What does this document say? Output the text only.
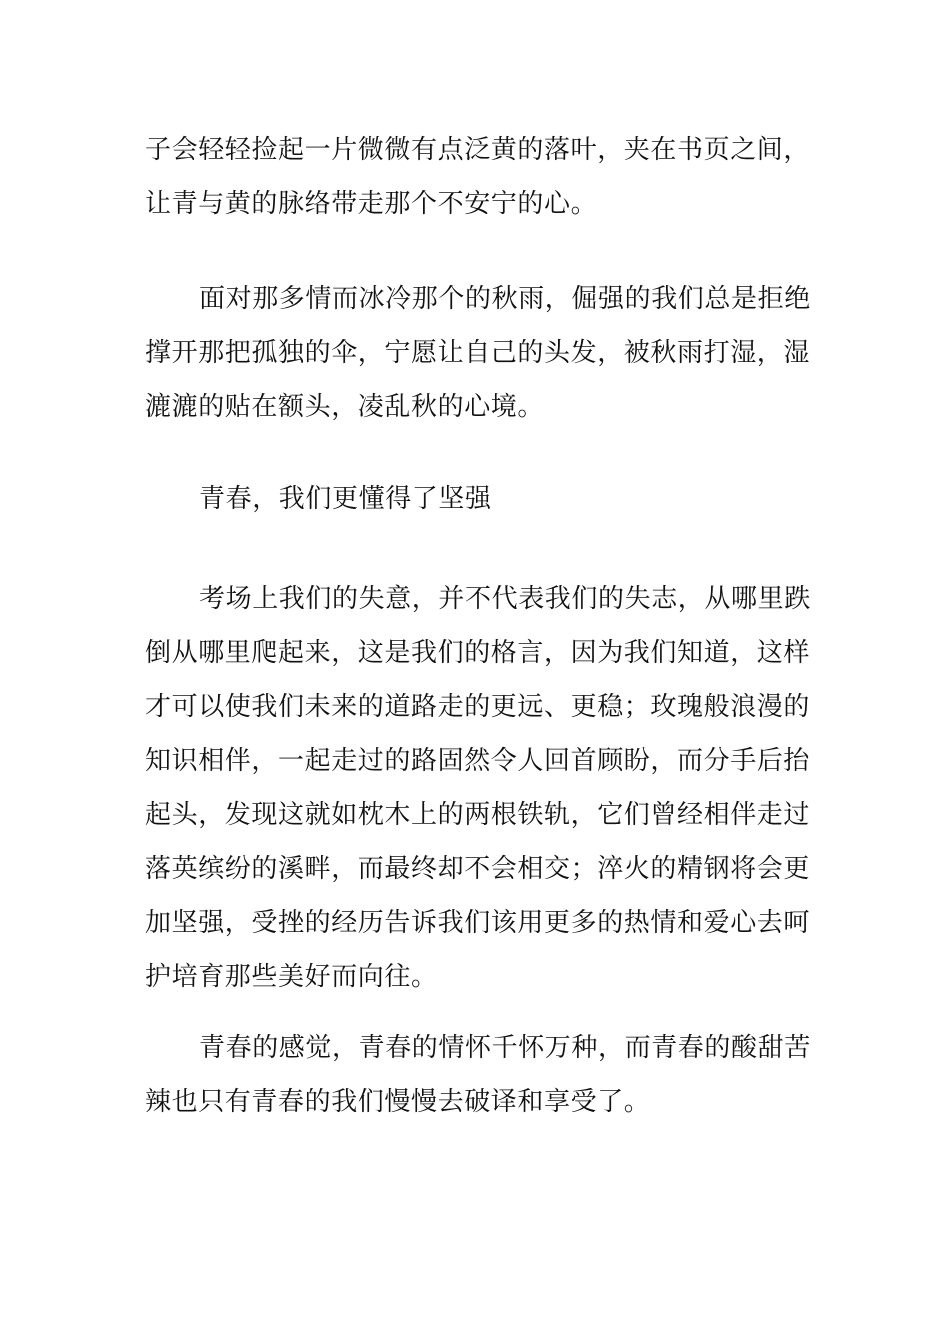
子会轻轻捡起一片微微有点泛黄的落叶，夹在书页之间，
让青与黄的脉络带走那个不安宁的心。

面对那多情而冰冷那个的秋雨，倔强的我们总是拒绝
撑开那把孤独的伞，宁愿让自己的头发，被秋雨打湿，湿
漉漉的贴在额头，凌乱秋的心境。

青春，我们更懂得了坚强

考场上我们的失意，并不代表我们的失志，从哪里跌
倒从哪里爬起来，这是我们的格言，因为我们知道，这样
才可以使我们未来的道路走的更远、更稳；玫瑰般浪漫的
知识相伴，一起走过的路固然令人回首顾盼，而分手后抬
起头，发现这就如枕木上的两根铁轨，它们曾经相伴走过
落英缤纷的溪畔，而最终却不会相交；淬火的精钢将会更
加坚强，受挫的经历告诉我们该用更多的热情和爱心去呵
护培育那些美好而向往。

青春的感觉，青春的情怀千怀万种，而青春的酸甜苦
辣也只有青春的我们慢慢去破译和享受了。
